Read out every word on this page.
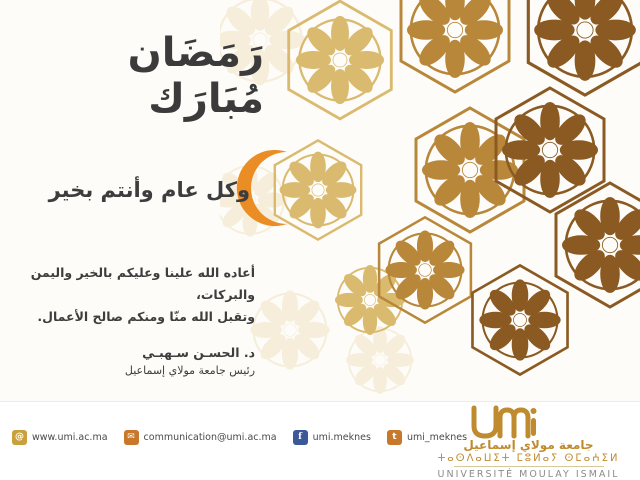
رَمَضَان مُبَارَك
وكل عام وأنتم بخير
أعاده الله علينا وعليكم بالخير واليمن والبركات،
وتقبل الله منّا ومنكم صالح الأعمال.
د. الحسـن سـهبـي
رئيس جامعة مولاي إسماعيل
@ www.umi.ac.ma	✉ communication@umi.ac.ma	f	umi.meknes	t	umi_meknes
جامعة مولاي إسماعيل
ⵜⴰⵙⴷⴰⵡⵉⵜ ⵎⵓⵍⴰⵢ ⵙⵎⴰⵄⵉⵍ
UNIVERSITÉ MOULAY ISMAIL
